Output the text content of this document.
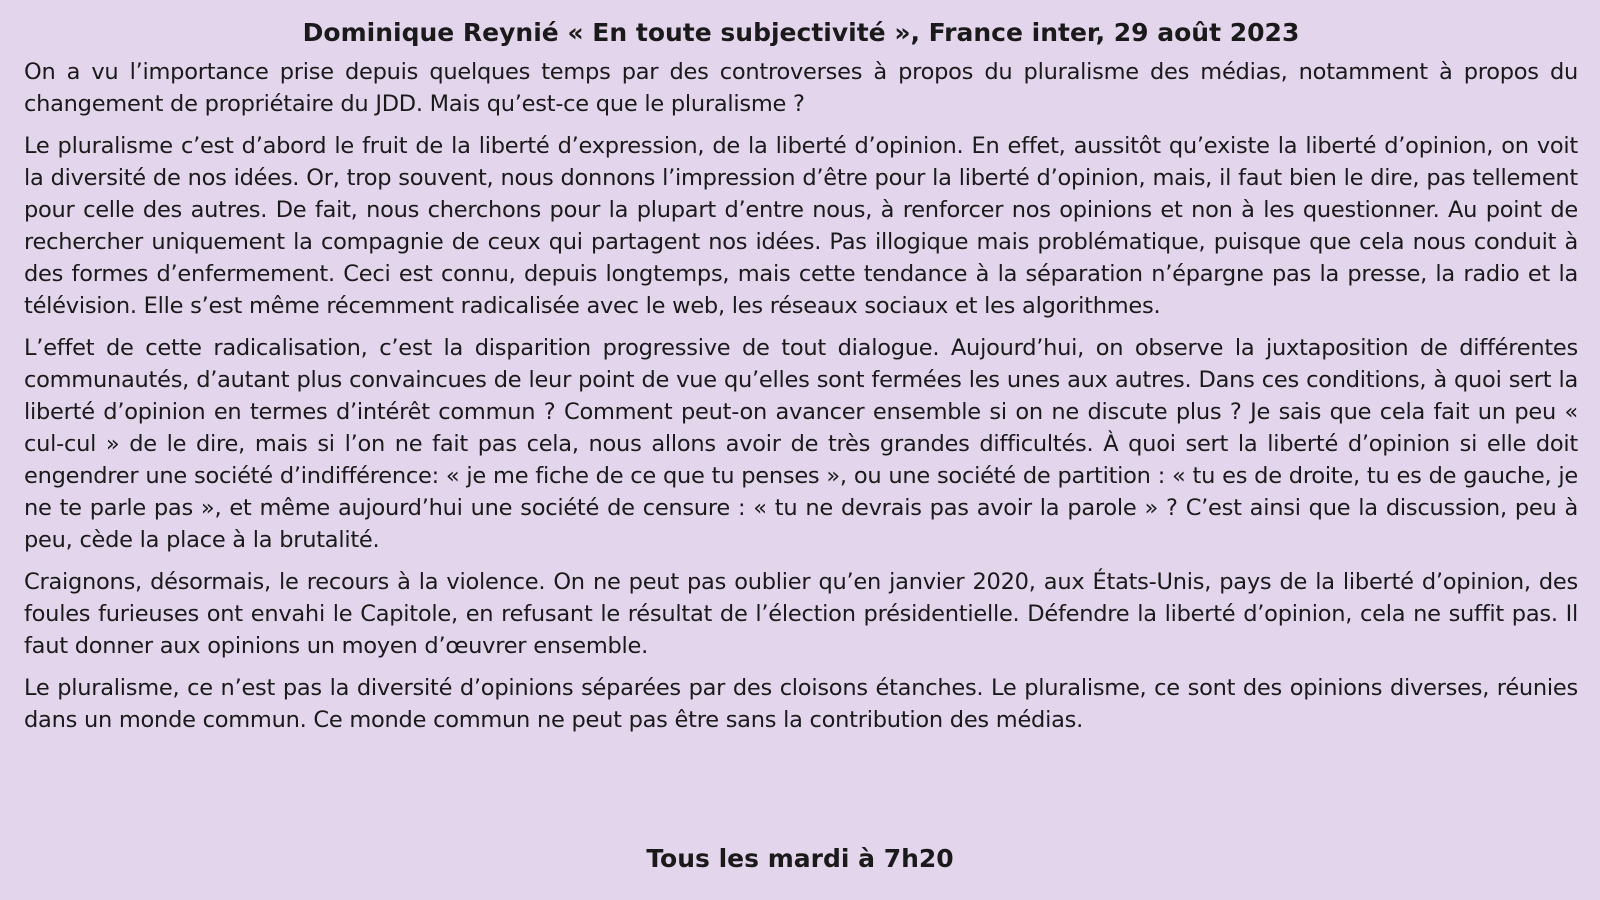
Dominique Reynié « En toute subjectivité », France inter, 29 août 2023

On a vu l’importance prise depuis quelques temps par des controverses à propos du pluralisme des médias, notamment à propos du changement de propriétaire du JDD. Mais qu’est-ce que le pluralisme ?

Le pluralisme c’est d’abord le fruit de la liberté d’expression, de la liberté d’opinion. En effet, aussitôt qu’existe la liberté d’opinion, on voit la diversité de nos idées. Or, trop souvent, nous donnons l’impression d’être pour la liberté d’opinion, mais, il faut bien le dire, pas tellement pour celle des autres. De fait, nous cherchons pour la plupart d’entre nous, à renforcer nos opinions et non à les questionner. Au point de rechercher uniquement la compagnie de ceux qui partagent nos idées. Pas illogique mais problématique, puisque que cela nous conduit à des formes d’enfermement. Ceci est connu, depuis longtemps, mais cette tendance à la séparation n’épargne pas la presse, la radio et la télévision. Elle s’est même récemment radicalisée avec le web, les réseaux sociaux et les algorithmes.

L’effet de cette radicalisation, c’est la disparition progressive de tout dialogue. Aujourd’hui, on observe la juxtaposition de différentes communautés, d’autant plus convaincues de leur point de vue qu’elles sont fermées les unes aux autres. Dans ces conditions, à quoi sert la liberté d’opinion en termes d’intérêt commun ? Comment peut-on avancer ensemble si on ne discute plus ? Je sais que cela fait un peu « cul-cul » de le dire, mais si l’on ne fait pas cela, nous allons avoir de très grandes difficultés. À quoi sert la liberté d’opinion si elle doit engendrer une société d’indifférence: « je me fiche de ce que tu penses », ou une société de partition : « tu es de droite, tu es de gauche, je ne te parle pas », et même aujourd’hui une société de censure : « tu ne devrais pas avoir la parole » ? C’est ainsi que la discussion, peu à peu, cède la place à la brutalité.

Craignons, désormais, le recours à la violence. On ne peut pas oublier qu’en janvier 2020, aux États-Unis, pays de la liberté d’opinion, des foules furieuses ont envahi le Capitole, en refusant le résultat de l’élection présidentielle. Défendre la liberté d’opinion, cela ne suffit pas. Il faut donner aux opinions un moyen d’œuvrer ensemble.

Le pluralisme, ce n’est pas la diversité d’opinions séparées par des cloisons étanches. Le pluralisme, ce sont des opinions diverses, réunies dans un monde commun. Ce monde commun ne peut pas être sans la contribution des médias.

Tous les mardi à 7h20
